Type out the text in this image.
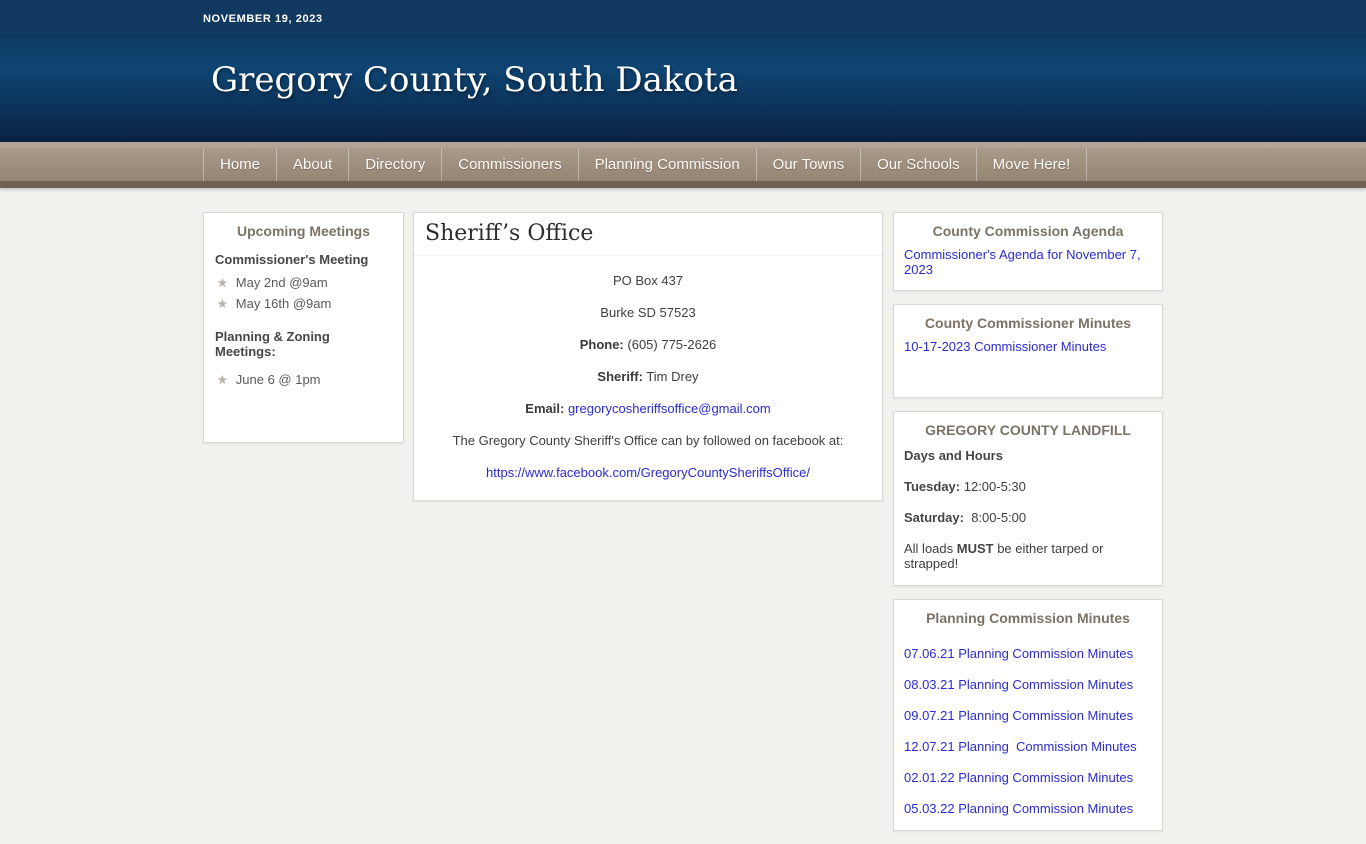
NOVEMBER 19, 2023
Gregory County, South Dakota
Home	About	Directory	Commissioners	Planning Commission	Our Towns	Our Schools	Move Here!
Upcoming Meetings
Commissioner's Meeting
★ May 2nd @9am
★ May 16th @9am
Planning & Zoning Meetings:
★ June 6 @ 1pm
Sheriff’s Office

PO Box 437

Burke SD 57523

Phone: (605) 775-2626

Sheriff: Tim Drey

Email: gregorycosheriffsoffice@gmail.com

The Gregory County Sheriff's Office can by followed on facebook at:

https://www.facebook.com/GregoryCountySheriffsOffice/

County Commission Agenda
Commissioner's Agenda for November 7, 2023
County Commissioner Minutes
10-17-2023 Commissioner Minutes
GREGORY COUNTY LANDFILL
Days and Hours
Tuesday: 12:00-5:30
Saturday:  8:00-5:00
All loads MUST be either tarped or strapped!
Planning Commission Minutes
07.06.21 Planning Commission Minutes
08.03.21 Planning Commission Minutes
09.07.21 Planning Commission Minutes
12.07.21 Planning  Commission Minutes
02.01.22 Planning Commission Minutes
05.03.22 Planning Commission Minutes
